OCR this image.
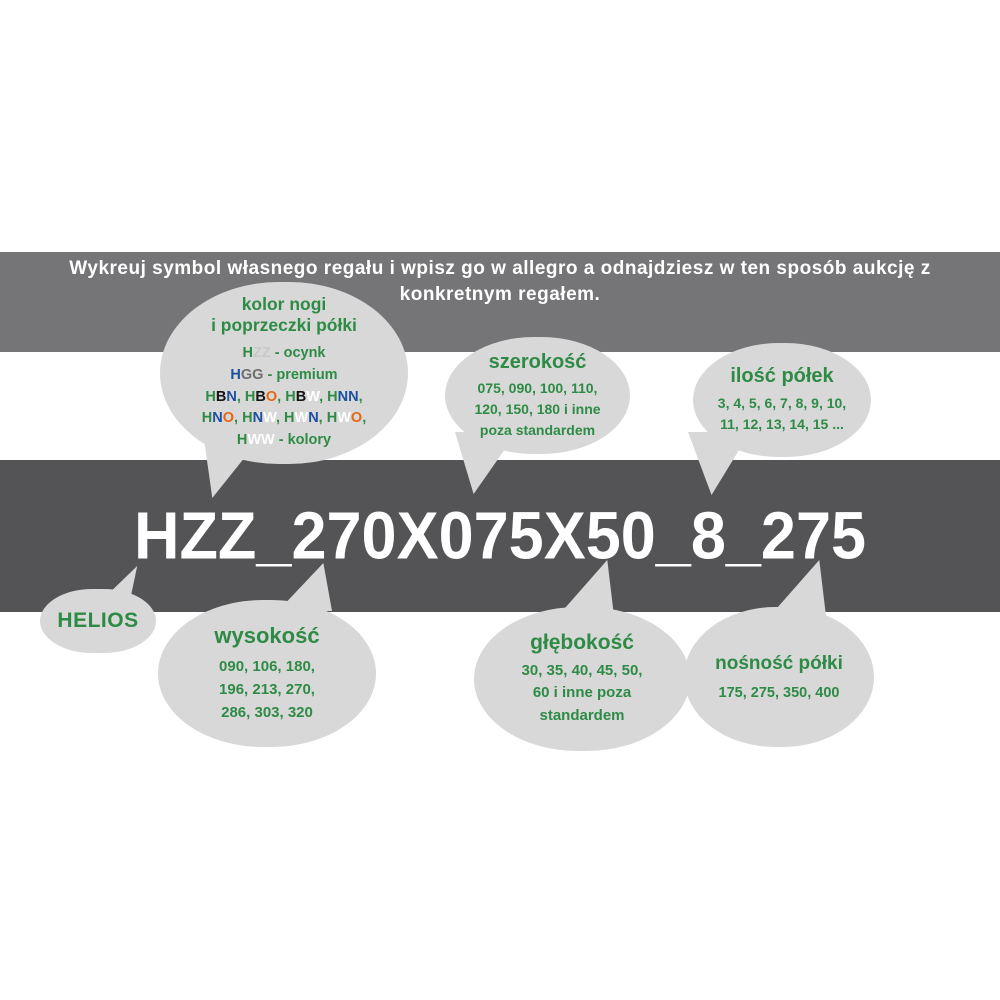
Wykreuj symbol własnego regału i wpisz go w allegro a odnajdziesz w ten sposób aukcję z
konkretnym regałem.
kolor nogi
i poprzeczki półki
HZZ - ocynk
HGG - premium
HBN, HBO, HBW, HNN,
HNO, HNW, HWN, HWO,
HWW - kolory
szerokość
075, 090, 100, 110,
120, 150, 180 i inne
poza standardem
ilość półek
3, 4, 5, 6, 7, 8, 9, 10,
11, 12, 13, 14, 15 ...
HELIOS
wysokość
090, 106, 180,
196, 213, 270,
286, 303, 320
głębokość
30, 35, 40, 45, 50,
60 i inne poza
standardem
nośność półki
175, 275, 350, 400
HZZ_270X075X50_8_275
